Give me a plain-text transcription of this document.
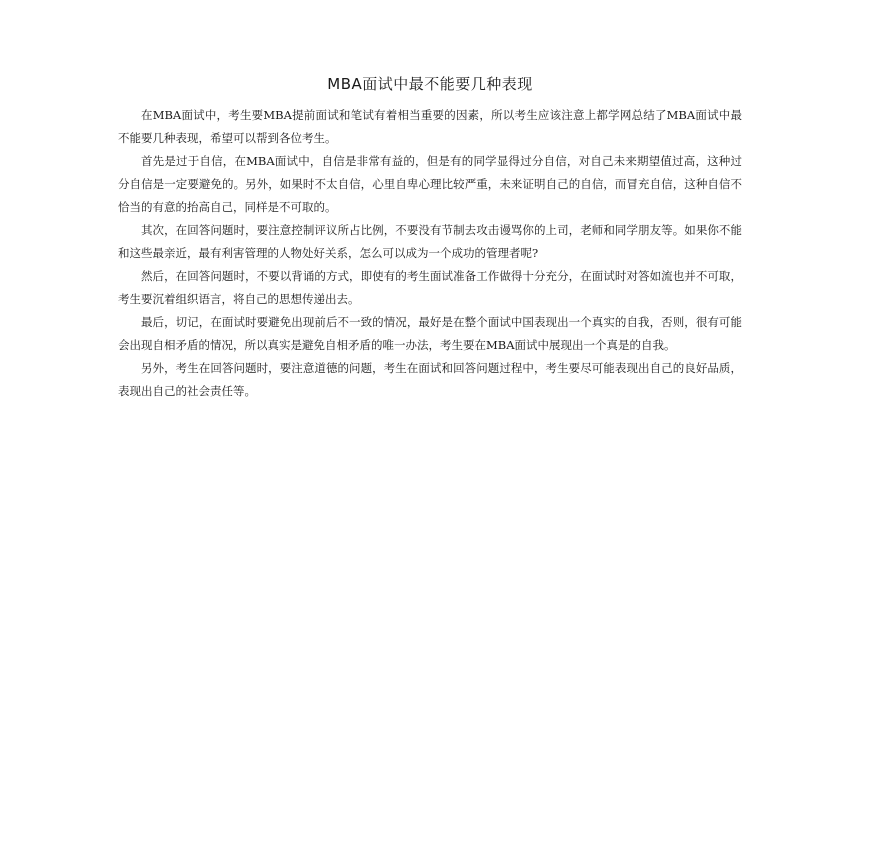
MBA面试中最不能要几种表现

在MBA面试中，考生要MBA提前面试和笔试有着相当重要的因素，所以考生应该注意上都学网总结了MBA面试中最不能要几种表现，希望可以帮到各位考生。

首先是过于自信，在MBA面试中，自信是非常有益的，但是有的同学显得过分自信，对自己未来期望值过高，这种过分自信是一定要避免的。另外，如果时不太自信，心里自卑心理比较严重，未来证明自己的自信，而冒充自信，这种自信不恰当的有意的抬高自己，同样是不可取的。

其次，在回答问题时，要注意控制评议所占比例，不要没有节制去攻击谩骂你的上司，老师和同学朋友等。如果你不能和这些最亲近，最有利害管理的人物处好关系，怎么可以成为一个成功的管理者呢?

然后，在回答问题时，不要以背诵的方式，即使有的考生面试准备工作做得十分充分，在面试时对答如流也并不可取，考生要沉着组织语言，将自己的思想传递出去。

最后，切记，在面试时要避免出现前后不一致的情况，最好是在整个面试中国表现出一个真实的自我，否则，很有可能会出现自相矛盾的情况，所以真实是避免自相矛盾的唯一办法，考生要在MBA面试中展现出一个真是的自我。

另外，考生在回答问题时，要注意道德的问题，考生在面试和回答问题过程中，考生要尽可能表现出自己的良好品质，表现出自己的社会责任等。
